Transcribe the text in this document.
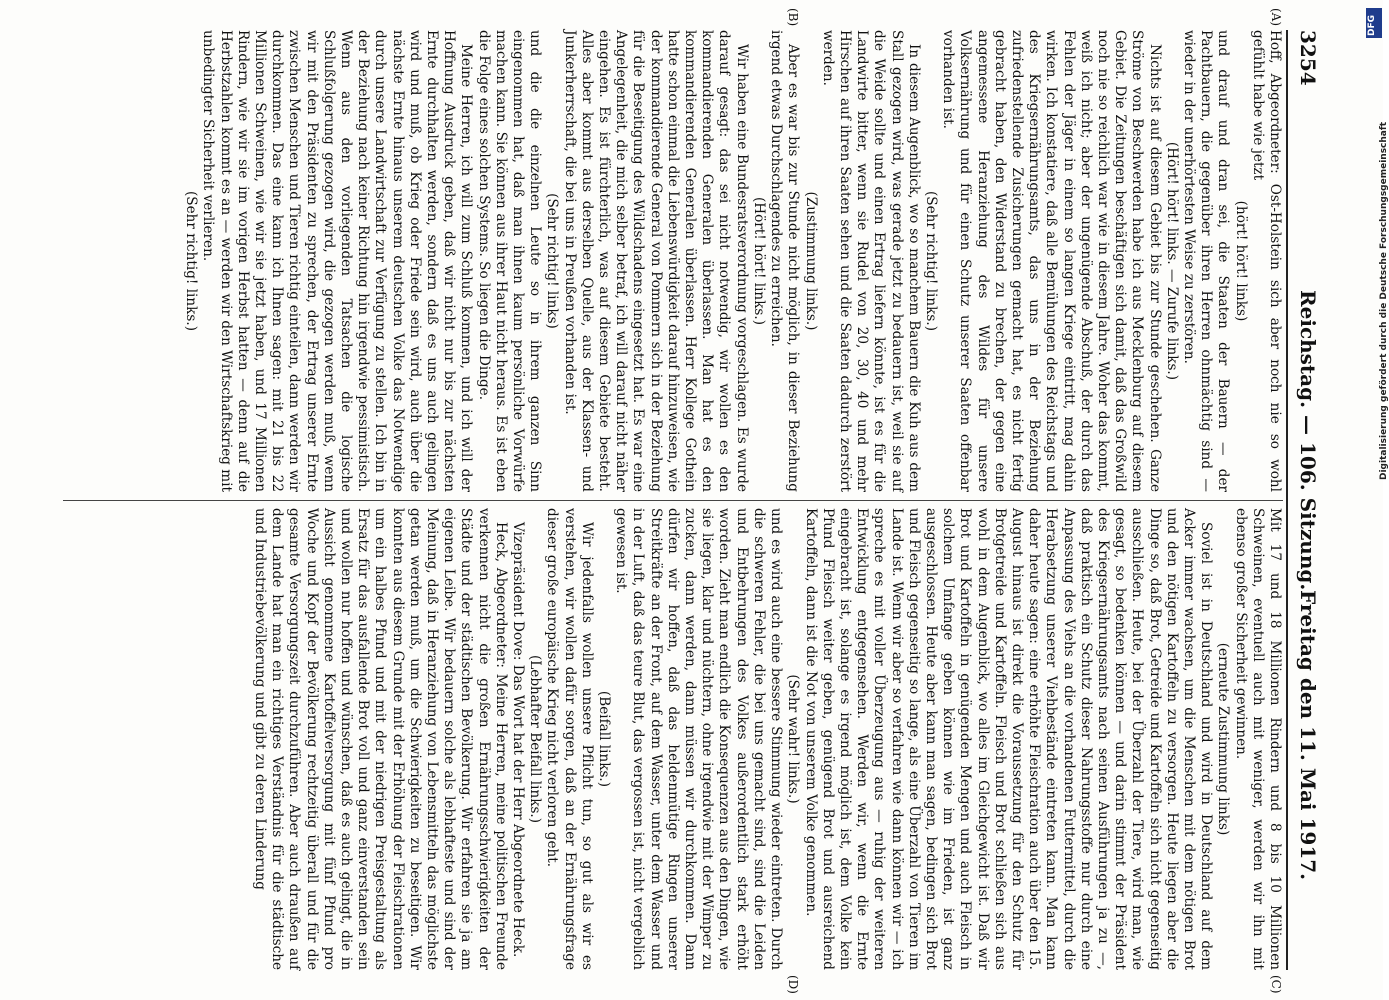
3254
Reichstag. — 106. Sitzung.
Freitag den 11. Mai 1917.
(A)
(B)
(C)
(D)

Hoff, Abgeordneter: Ost-Holstein sich aber noch nie so wohl gefühlt habe wie jetzt

(hört! hört! links)

und drauf und dran sei, die Staaten der Bauern — der Pachtbauern, die gegenüber ihren Herren ohnmächtig sind — wieder in der unerhörtesten Weise zu zerstören.

(Hört! hört! links. — Zurufe links.)

Nichts ist auf diesem Gebiet bis zur Stunde geschehen. Ganze Ströme von Beschwerden habe ich aus Mecklenburg auf diesem Gebiet. Die Zeitungen beschäftigen sich damit, daß das Großwild noch nie so reichlich war wie in diesem Jahre. Woher das kommt, weiß ich nicht; aber der ungenügende Abschuß, der durch das Fehlen der Jäger in einem so langen Kriege eintritt, mag dahin wirken. Ich konstatiere, daß alle Bemühungen des Reichstags und des Kriegsernährungsamts, das uns in der Beziehung zufriedenstellende Zusicherungen gemacht hat, es nicht fertig gebracht haben, den Widerstand zu brechen, der gegen eine angemessene Heranziehung des Wildes für unsere Volksernährung und für einen Schutz unserer Saaten offenbar vorhanden ist.

(Sehr richtig! links.)

In diesem Augenblick, wo so manchem Bauern die Kuh aus dem Stall gezogen wird, was gerade jetzt zu bedauern ist, weil sie auf die Weide sollte und einen Ertrag liefern könnte, ist es für die Landwirte bitter, wenn sie Rudel von 20, 30, 40 und mehr Hirschen auf ihren Saaten sehen und die Saaten dadurch zerstört werden.

(Zustimmung links.)

Aber es war bis zur Stunde nicht möglich, in dieser Beziehung irgend etwas Durchschlagendes zu erreichen.

(Hört! hört! links.)

Wir haben eine Bundesratsverordnung vorgeschlagen. Es wurde darauf gesagt: das sei nicht notwendig, wir wollen es den kommandierenden Generalen überlassen. Man hat es den kommandierenden Generalen überlassen. Herr Kollege Gothein hatte schon einmal die Liebenswürdigkeit darauf hinzuweisen, wie der kommandierende General von Pommern sich in der Beziehung für die Beseitigung des Wildschadens eingesetzt hat. Es war eine Angelegenheit, die mich selber betraf, ich will darauf nicht näher eingehen. Es ist fürchterlich, was auf diesem Gebiete besteht. Alles aber kommt aus derselben Quelle, aus der Klassen- und Junkerherrschaft, die bei uns in Preußen vorhanden ist.

(Sehr richtig! links)

und die die einzelnen Leute so in ihrem ganzen Sinn eingenommen hat, daß man ihnen kaum persönliche Vorwürfe machen kann. Sie können aus ihrer Haut nicht heraus. Es ist eben die Folge eines solchen Systems. So liegen die Dinge.

Meine Herren, ich will zum Schluß kommen, und ich will der Hoffnung Ausdruck geben, daß wir nicht nur bis zur nächsten Ernte durchhalten werden, sondern daß es uns auch gelingen wird und muß, ob Krieg oder Friede sein wird, auch über die nächste Ernte hinaus unserem deutschen Volke das Notwendige durch unsere Landwirtschaft zur Verfügung zu stellen. Ich bin in der Beziehung nach keiner Richtung hin irgendwie pessimistisch. Wenn aus den vorliegenden Tatsachen die logische Schlußfolgerung gezogen wird, die gezogen werden muß, wenn wir mit den Präsidenten zu sprechen, der Ertrag unserer Ernte zwischen Menschen und Tieren richtig einteilen, dann werden wir durchkommen. Das eine kann ich Ihnen sagen: mit 21 bis 22 Millionen Schweinen, wie wir sie jetzt haben, und 17 Millionen Rindern, wie wir sie im vorigen Herbst hatten — denn auf die Herbstzahlen kommt es an — werden wir den Wirtschaftskrieg mit unbedingter Sicherheit verlieren.

(Sehr richtig! links.)

Mit 17 und 18 Millionen Rindern und 8 bis 10 Millionen Schweinen, eventuell auch mit weniger, werden wir ihn mit ebenso großer Sicherheit gewinnen.

(erneute Zustimmung links)

Soviel ist in Deutschland und wird in Deutschland auf dem Acker immer wachsen, um die Menschen mit dem nötigen Brot und den nötigen Kartoffeln zu versorgen. Heute liegen aber die Dinge so, daß Brot, Getreide und Kartoffeln sich nicht gegenseitig ausschließen. Heute, bei der Überzahl der Tiere, wird man, wie gesagt, so bedenken können — und darin stimmt der Präsident des Kriegsernährungsamts nach seinen Ausführungen ja zu —, daß praktisch ein Schutz dieser Nahrungsstoffe nur durch eine Anpassung des Viehs an die vorhandenen Futtermittel, durch die Herabsetzung unserer Viehbestände eintreten kann. Man kann daher heute sagen: eine erhöhte Fleischration auch über den 15. August hinaus ist direkt die Voraussetzung für den Schutz für Brotgetreide und Kartoffeln. Fleisch und Brot schließen sich aus wohl in dem Augenblick, wo alles im Gleichgewicht ist. Daß wir Brot und Kartoffeln in genügenden Mengen und auch Fleisch in solchem Umfange geben können wie im Frieden, ist ganz ausgeschlossen. Heute aber kann man sagen, bedingen sich Brot und Fleisch gegenseitig so lange, als eine Überzahl von Tieren im Lande ist. Wenn wir aber so verfahren wie dann können wir — ich spreche es mit voller Überzeugung aus — ruhig der weiteren Entwicklung entgegensehen. Werden wir, wenn die Ernte eingebracht ist, solange es irgend möglich ist, dem Volke kein Pfund Fleisch weiter geben, genügend Brot und ausreichend Kartoffeln, dann ist die Not von unserem Volke genommen.

(Sehr wahr! links.)

und es wird auch eine bessere Stimmung wieder eintreten. Durch die schweren Fehler, die bei uns gemacht sind, sind die Leiden und Entbehrungen des Volkes außerordentlich stark erhöht worden. Zieht man endlich die Konsequenzen aus den Dingen, wie sie liegen, klar und nüchtern, ohne irgendwie mit der Wimper zu zucken, dann werden, dann müssen wir durchkommen. Dann dürfen wir hoffen, daß das heldenmütige Ringen unserer Streitkräfte an der Front, auf dem Wasser, unter dem Wasser und in der Luft, daß das teure Blut, das vergossen ist, nicht vergeblich gewesen ist.

(Beifall links.)

Wir jedenfalls wollen unsere Pflicht tun, so gut als wir es verstehen, wir wollen dafür sorgen, daß an der Ernährungsfrage dieser große europäische Krieg nicht verloren geht.

(Lebhafter Beifall links.)

Vizepräsident Dove: Das Wort hat der Herr Abgeordnete Heck.

Heck, Abgeordneter: Meine Herren, meine politischen Freunde verkennen nicht die großen Ernährungsschwierigkeiten der Städte und der städtischen Bevölkerung. Wir erfahren sie ja am eigenen Leibe. Wir bedauern solche als lebhafteste und sind der Meinung, daß in Heranziehung von Lebensmitteln das möglichste getan werden muß, um die Schwierigkeiten zu beseitigen. Wir konnten aus diesem Grunde mit der Erhöhung der Fleischrationen um ein halbes Pfund und mit der niedrigen Preisgestaltung als Ersatz für das ausfallende Brot voll und ganz einverstanden sein und wollen nur hoffen und wünschen, daß es auch gelingt, die in Aussicht genommene Kartoffelversorgung mit fünf Pfund pro Woche und Kopf der Bevölkerung rechtzeitig überall und für die gesamte Versorgungszeit durchzuführen. Aber auch draußen auf dem Lande hat man ein richtiges Verständnis für die städtische und Industriebevölkerung und gibt zu deren Linderung

DFG
Digitalisierung gefördert durch die Deutsche Forschungsgemeinschaft
